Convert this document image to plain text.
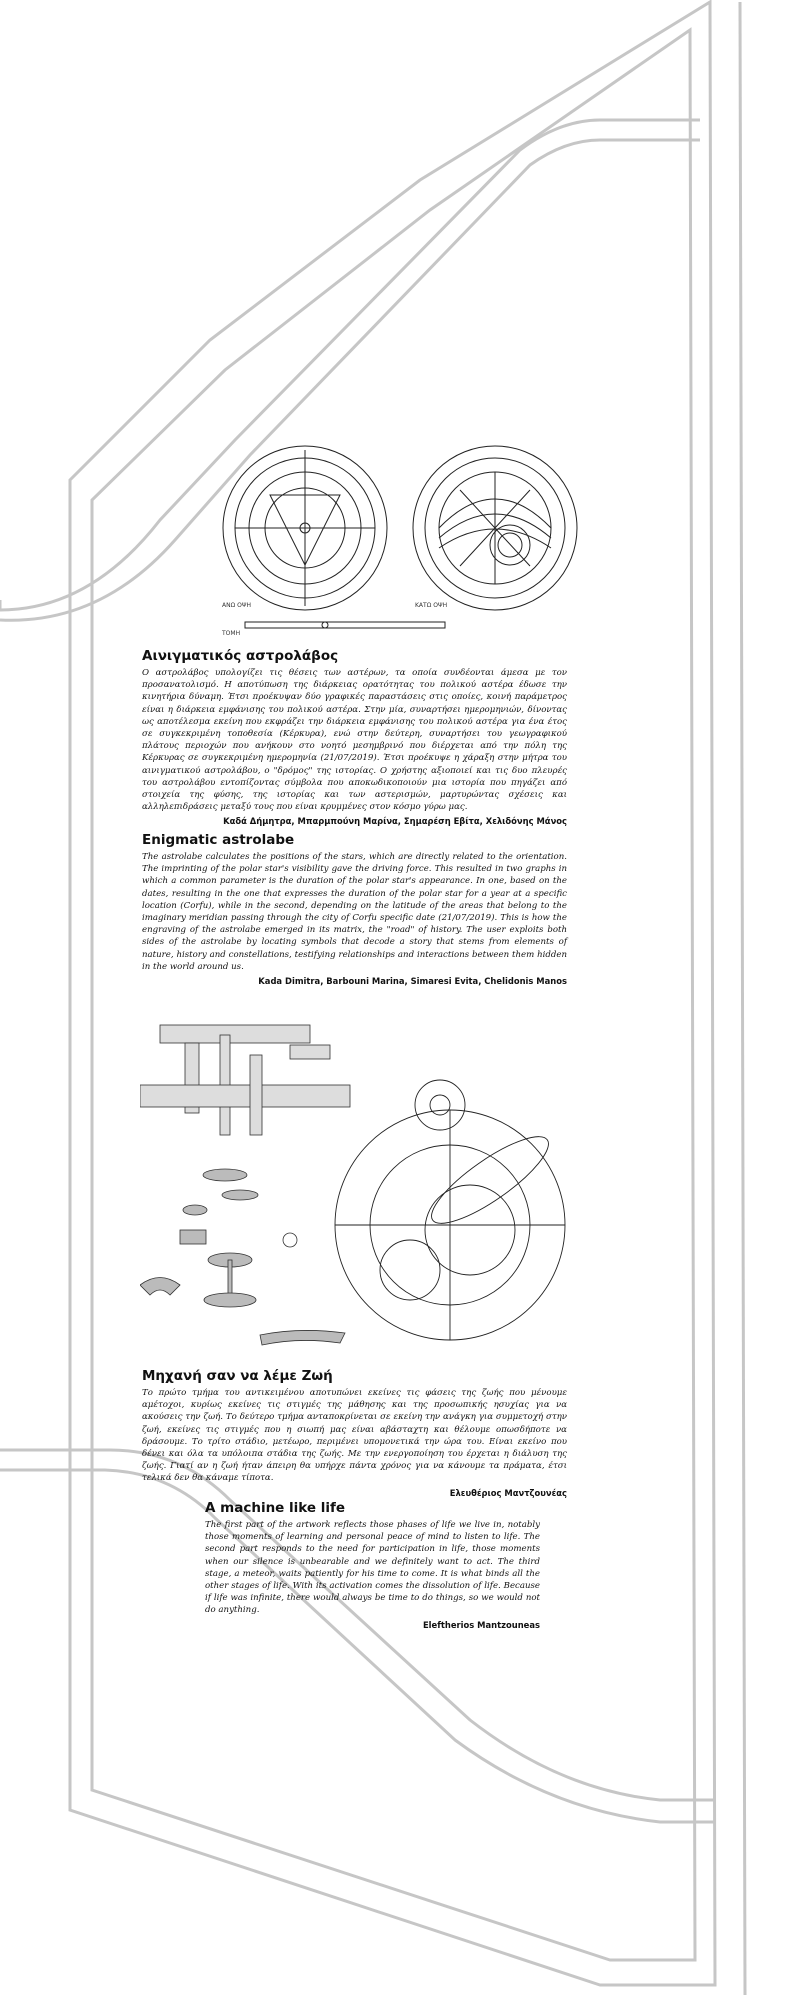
ΑΝΩ ΟΨΗ	ΚΑΤΩ ΟΨΗ
ΤΟΜΗ
Αινιγματικός αστρολάβος

Ο αστρολάβος υπολογίζει τις θέσεις των αστέρων, τα οποία συνδέονται άμεσα με τον προσανατολισμό. Η αποτύπωση της διάρκειας ορατότητας του πολικού αστέρα έδωσε την κινητήρια δύναμη. Έτσι προέκυψαν δύο γραφικές παραστάσεις στις οποίες, κοινή παράμετρος είναι η διάρκεια εμφάνισης του πολικού αστέρα. Στην μία, συναρτήσει ημερομηνιών, δίνοντας ως αποτέλεσμα εκείνη που εκφράζει την διάρκεια εμφάνισης του πολικού αστέρα για ένα έτος σε συγκεκριμένη τοποθεσία (Κέρκυρα), ενώ στην δεύτερη, συναρτήσει του γεωγραφικού πλάτους περιοχών που ανήκουν στο νοητό μεσημβρινό που διέρχεται από την πόλη της Κέρκυρας σε συγκεκριμένη ημερομηνία (21/07/2019). Έτσι προέκυψε η χάραξη στην μήτρα του αινιγματικού αστρολάβου, ο "δρόμος" της ιστορίας. Ο χρήστης αξιοποιεί και τις δυο πλευρές του αστρολάβου εντοπίζοντας σύμβολα που αποκωδικοποιούν μια ιστορία που πηγάζει από στοιχεία της φύσης, της ιστορίας και των αστερισμών, μαρτυρώντας σχέσεις και αλληλεπιδράσεις μεταξύ τους που είναι κρυμμένες στον κόσμο γύρω μας.

Καδά Δήμητρα, Μπαρμπούνη Μαρίνα, Σημαρέση Εβίτα, Χελιδόνης Μάνος
Enigmatic astrolabe

The astrolabe calculates the positions of the stars, which are directly related to the orientation. The imprinting of the polar star's visibility gave the driving force. This resulted in two graphs in which a common parameter is the duration of the polar star's appearance. In one, based on the dates, resulting in the one that expresses the duration of the polar star for a year at a specific location (Corfu), while in the second, depending on the latitude of the areas that belong to the imaginary meridian passing through the city of Corfu specific date (21/07/2019). This is how the engraving of the astrolabe emerged in its matrix, the "road" of history. The user exploits both sides of the astrolabe by locating symbols that decode a story that stems from elements of nature, history and constellations, testifying relationships and interactions between them hidden in the world around us.

Kada Dimitra, Barbouni Marina, Simaresi Evita, Chelidonis Manos
Μηχανή σαν να λέμε Ζωή

Το πρώτο τμήμα του αντικειμένου αποτυπώνει εκείνες τις φάσεις της ζωής που μένουμε αμέτοχοι, κυρίως εκείνες τις στιγμές της μάθησης και της προσωπικής ησυχίας για να ακούσεις την ζωή. Το δεύτερο τμήμα ανταποκρίνεται σε εκείνη την ανάγκη για συμμετοχή στην ζωή, εκείνες τις στιγμές που η σιωπή μας είναι αβάσταχτη και θέλουμε οπωσδήποτε να δράσουμε. Το τρίτο στάδιο, μετέωρο, περιμένει υπομονετικά την ώρα του. Είναι εκείνο που δένει και όλα τα υπόλοιπα στάδια της ζωής. Με την ενεργοποίηση του έρχεται η διάλυση της ζωής. Γιατί αν η ζωή ήταν άπειρη θα υπήρχε πάντα χρόνος για να κάνουμε τα πράματα, έτσι τελικά δεν θα κάναμε τίποτα.

Ελευθέριος Μαντζουνέας
A machine like life

The first part of the artwork reflects those phases of life we live in, notably those moments of learning and personal peace of mind to listen to life. The second part responds to the need for participation in life, those moments when our silence is unbearable and we definitely want to act. The third stage, a meteor, waits patiently for his time to come. It is what binds all the other stages of life. With its activation comes the dissolution of life. Because if life was infinite, there would always be time to do things, so we would not do anything.

Eleftherios Mantzouneas
